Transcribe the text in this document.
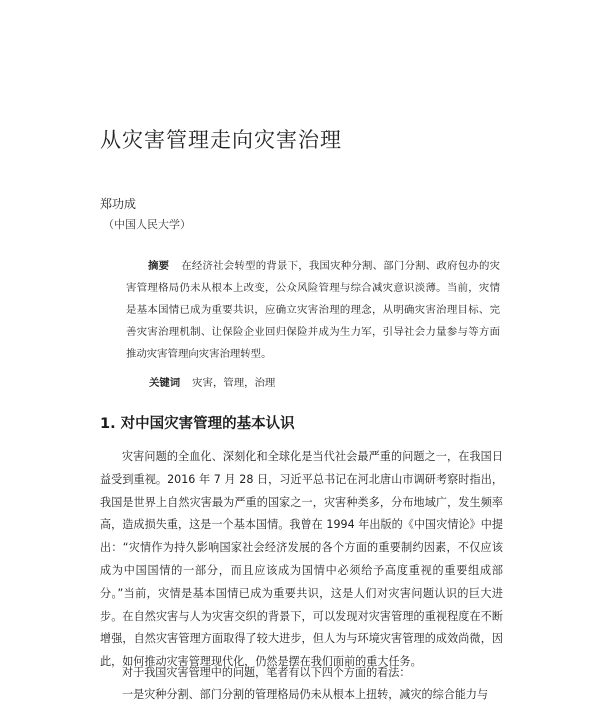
从灾害管理走向灾害治理
郑功成
（中国人民大学）
摘要 在经济社会转型的背景下，我国灾种分割、部门分割、政府包办的灾害管理格局仍未从根本上改变，公众风险管理与综合减灾意识淡薄。当前，灾情是基本国情已成为重要共识，应确立灾害治理的理念，从明确灾害治理目标、完善灾害治理机制、让保险企业回归保险并成为生力军，引导社会力量参与等方面推动灾害管理向灾害治理转型。
关键词 灾害，管理，治理
1. 对中国灾害管理的基本认识
灾害问题的全血化、深刻化和全球化是当代社会最严重的问题之一，在我国日益受到重视。2016 年 7 月 28 日，习近平总书记在河北唐山市调研考察时指出，我国是世界上自然灾害最为严重的国家之一，灾害种类多，分布地域广，发生频率高，造成损失重，这是一个基本国情。我曾在 1994 年出版的《中国灾情论》中提出：“灾情作为持久影响国家社会经济发展的各个方面的重要制约因素，不仅应该成为中国国情的一部分，而且应该成为国情中必须给予高度重视的重要组成部分。”当前，灾情是基本国情已成为重要共识，这是人们对灾害问题认识的巨大进步。在自然灾害与人为灾害交织的背景下，可以发现对灾害管理的重视程度在不断增强，自然灾害管理方面取得了较大进步，但人为与环境灾害管理的成效尚微，因此，如何推动灾害管理现代化，仍然是摆在我们面前的重大任务。
对于我国灾害管理中的问题，笔者有以下四个方面的看法：
一是灾种分割、部门分割的管理格局仍未从根本上扭转，减灾的综合能力与
